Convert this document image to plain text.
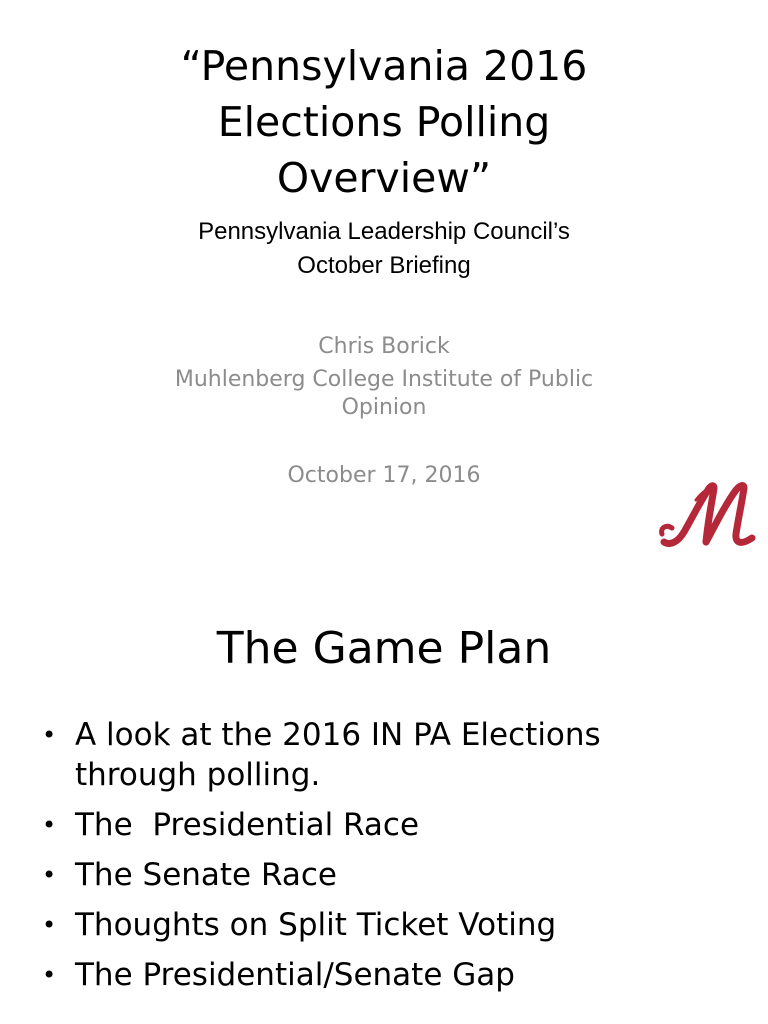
“Pennsylvania 2016
Elections Polling
Overview”

Pennsylvania Leadership Council’s
October Briefing

Chris Borick

Muhlenberg College Institute of Public
Opinion

October 17, 2016

The Game Plan
• A look at the 2016 IN PA Elections
through polling.
• The  Presidential Race
• The Senate Race
• Thoughts on Split Ticket Voting
• The Presidential/Senate Gap
